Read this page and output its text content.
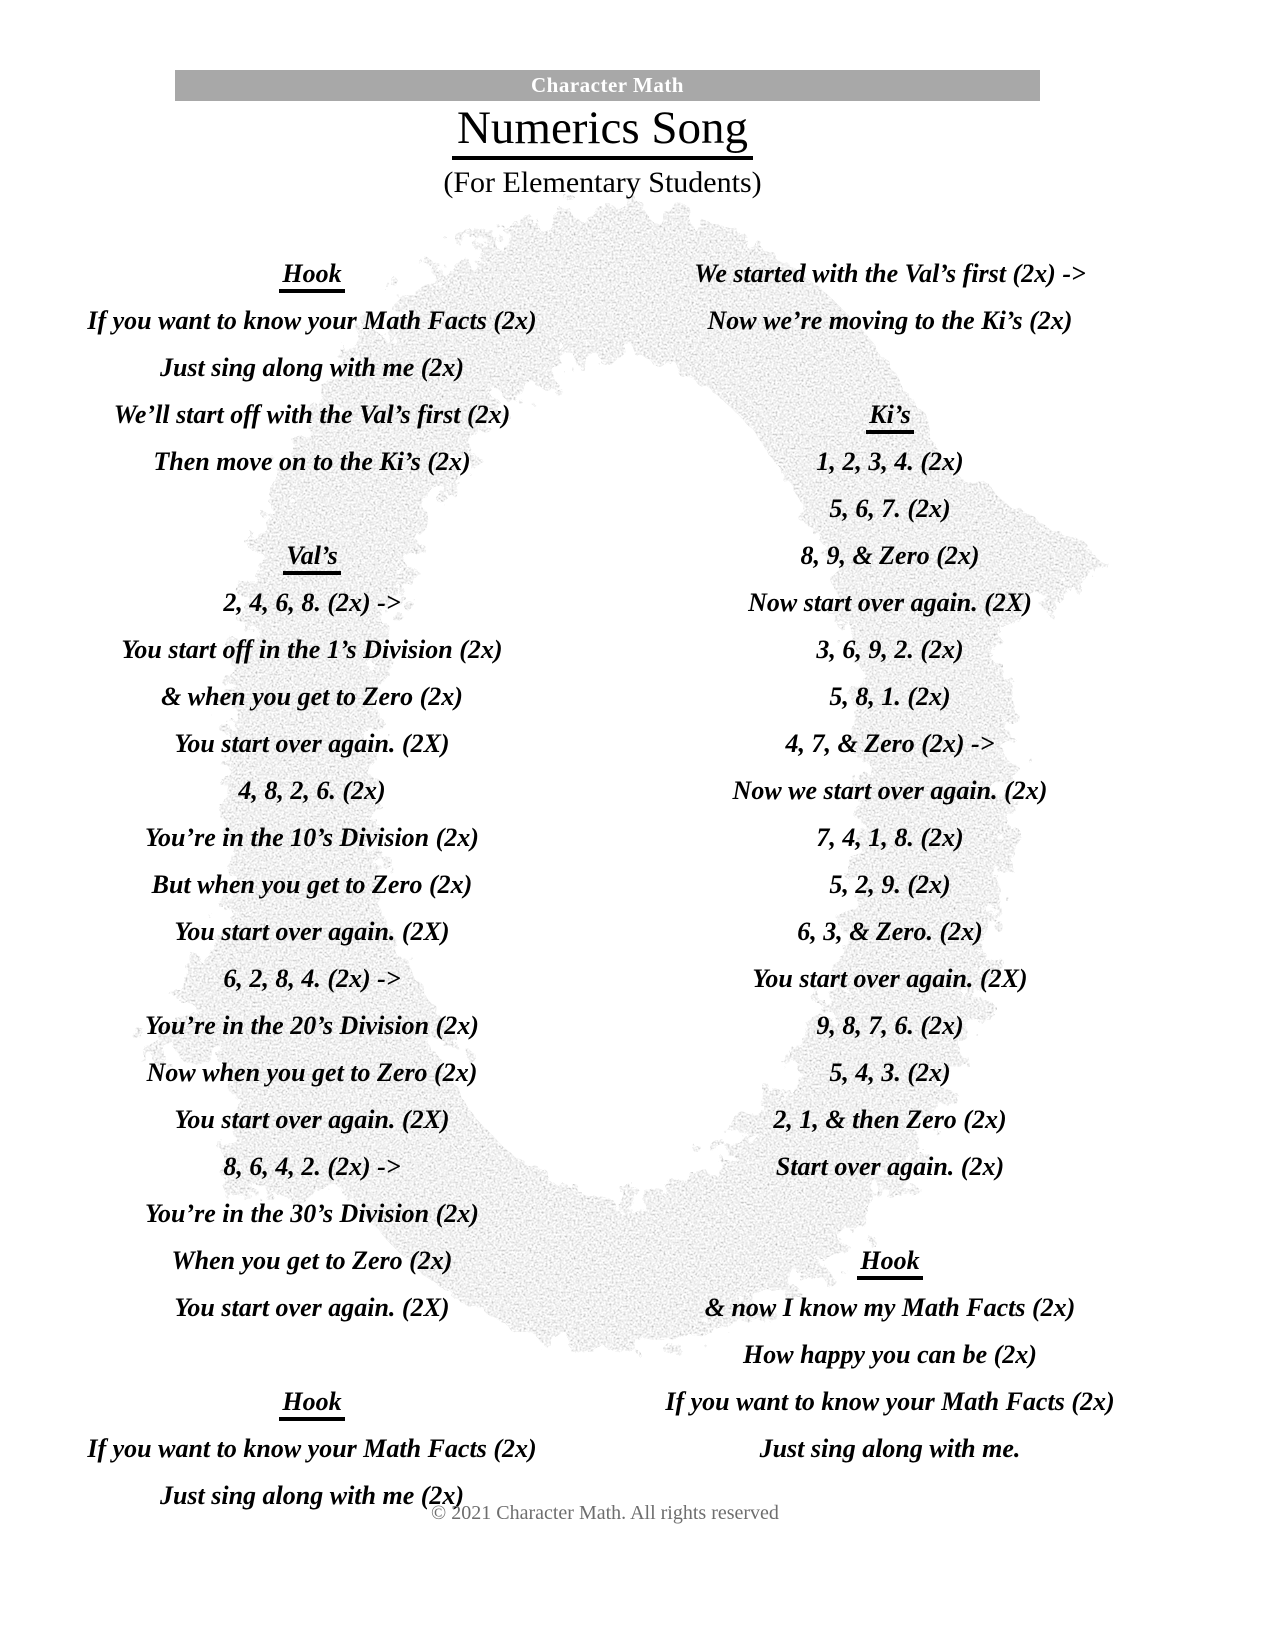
Character Math
Numerics Song
(For Elementary Students)
Hook
If you want to know your Math Facts (2x)
Just sing along with me (2x)
We’ll start off with the Val’s first (2x)
Then move on to the Ki’s (2x)
Val’s
2, 4, 6, 8. (2x) ->
You start off in the 1’s Division (2x)
& when you get to Zero (2x)
You start over again. (2X)
4, 8, 2, 6. (2x)
You’re in the 10’s Division (2x)
But when you get to Zero (2x)
You start over again. (2X)
6, 2, 8, 4. (2x) ->
You’re in the 20’s Division (2x)
Now when you get to Zero (2x)
You start over again. (2X)
8, 6, 4, 2. (2x) ->
You’re in the 30’s Division (2x)
When you get to Zero (2x)
You start over again. (2X)
Hook
If you want to know your Math Facts (2x)
Just sing along with me (2x)
We started with the Val’s first (2x) ->
Now we’re moving to the Ki’s (2x)
Ki’s
1, 2, 3, 4. (2x)
5, 6, 7. (2x)
8, 9, & Zero (2x)
Now start over again. (2X)
3, 6, 9, 2. (2x)
5, 8, 1. (2x)
4, 7, & Zero (2x) ->
Now we start over again. (2x)
7, 4, 1, 8. (2x)
5, 2, 9. (2x)
6, 3, & Zero. (2x)
You start over again. (2X)
9, 8, 7, 6. (2x)
5, 4, 3. (2x)
2, 1, & then Zero (2x)
Start over again. (2x)
Hook
& now I know my Math Facts (2x)
How happy you can be (2x)
If you want to know your Math Facts (2x)
Just sing along with me.
© 2021 Character Math. All rights reserved
